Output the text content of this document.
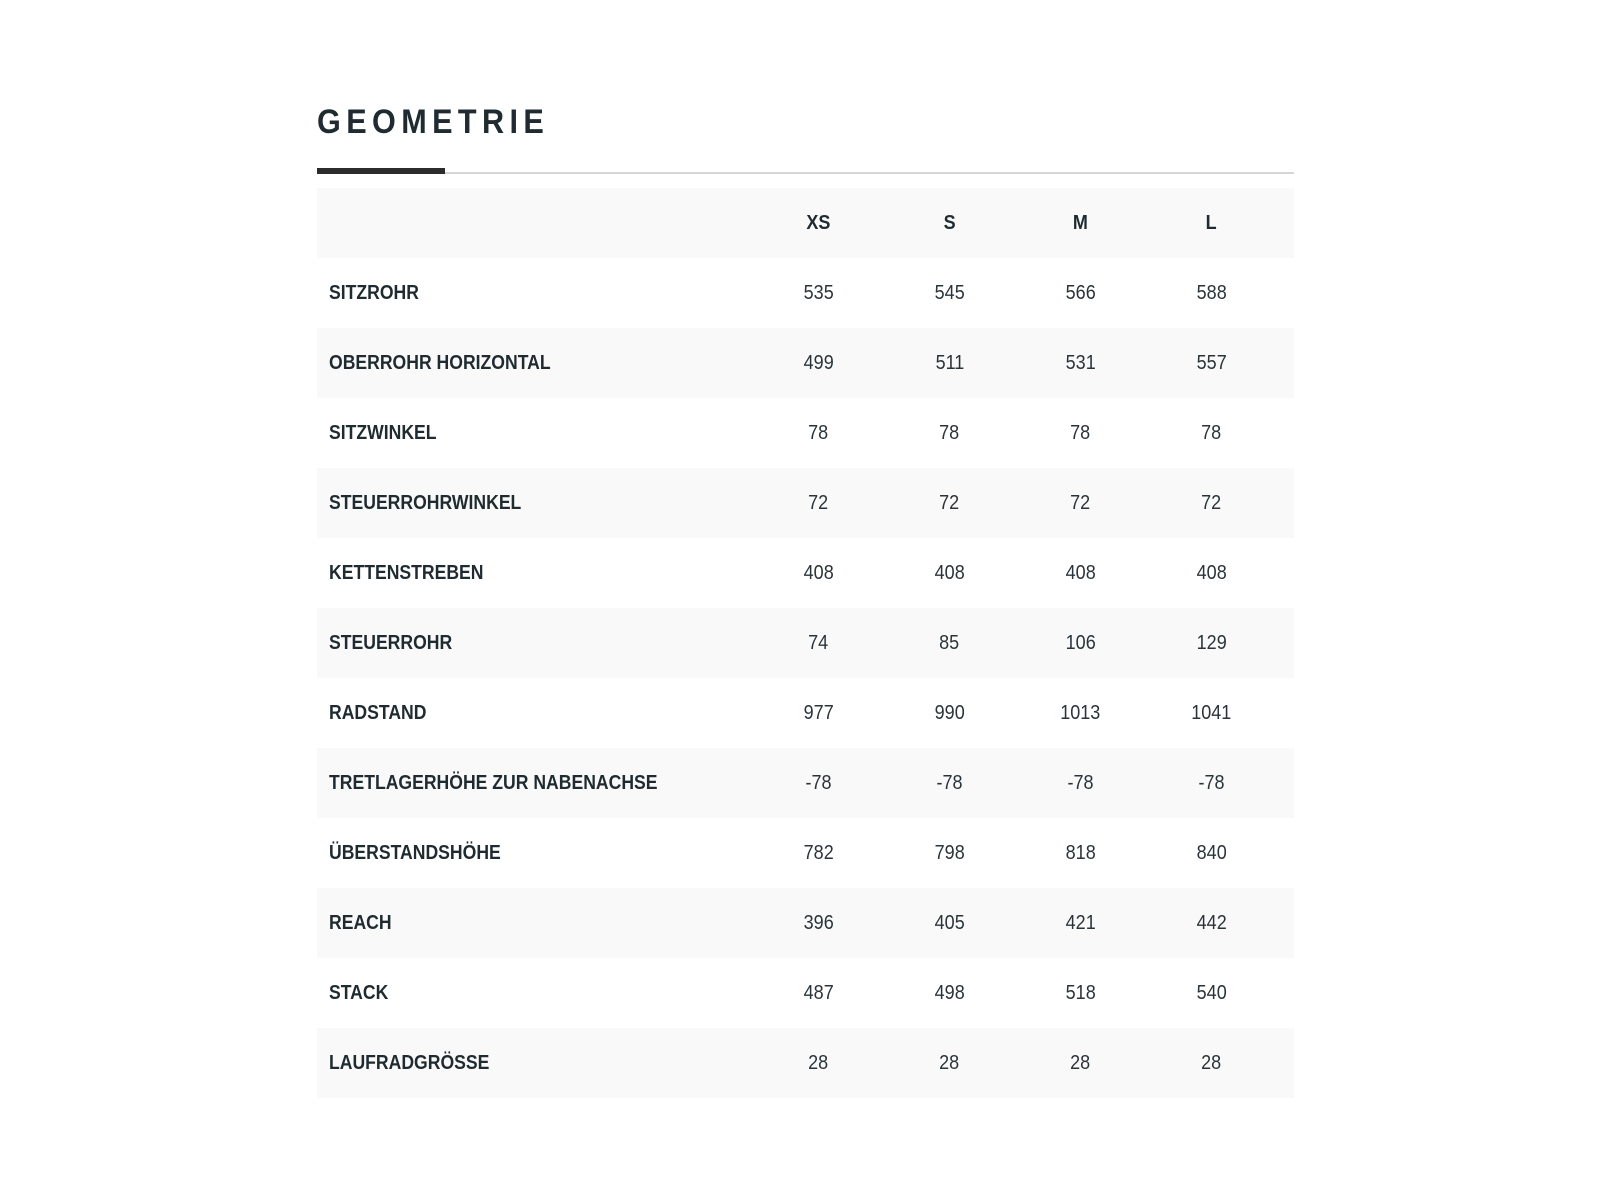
GEOMETRIE
	XS	S	M	L	
SITZROHR	535	545	566	588	
OBERROHR HORIZONTAL	499	511	531	557	
SITZWINKEL	78	78	78	78	
STEUERROHRWINKEL	72	72	72	72	
KETTENSTREBEN	408	408	408	408	
STEUERROHR	74	85	106	129	
RADSTAND	977	990	1013	1041	
TRETLAGERHÖHE ZUR NABENACHSE	-78	-78	-78	-78	
ÜBERSTANDSHÖHE	782	798	818	840	
REACH	396	405	421	442	
STACK	487	498	518	540	
LAUFRADGRÖSSE	28	28	28	28	
